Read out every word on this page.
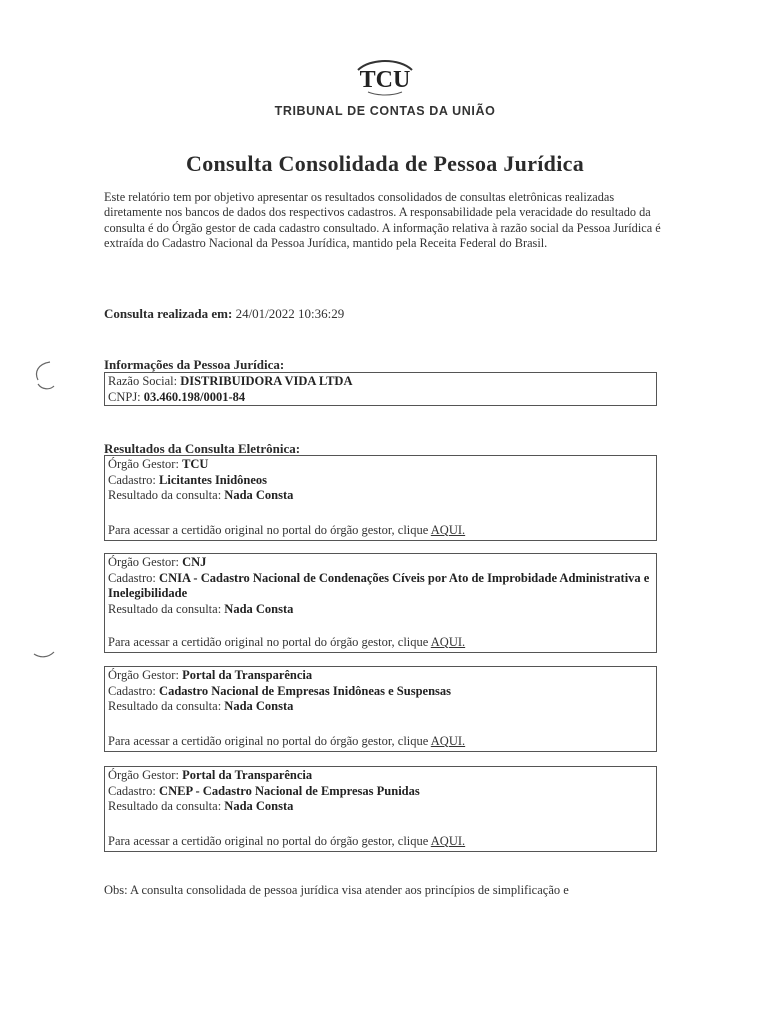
TCU
TRIBUNAL DE CONTAS DA UNIÃO
Consulta Consolidada de Pessoa Jurídica

Este relatório tem por objetivo apresentar os resultados consolidados de consultas eletrônicas realizadas diretamente nos bancos de dados dos respectivos cadastros. A responsabilidade pela veracidade do resultado da consulta é do Órgão gestor de cada cadastro consultado. A informação relativa à razão social da Pessoa Jurídica é extraída do Cadastro Nacional da Pessoa Jurídica, mantido pela Receita Federal do Brasil.

Consulta realizada em: 24/01/2022 10:36:29
Informações da Pessoa Jurídica:
Razão Social: DISTRIBUIDORA VIDA LTDA
CNPJ: 03.460.198/0001-84
Resultados da Consulta Eletrônica:
Órgão Gestor: TCU
Cadastro: Licitantes Inidôneos
Resultado da consulta: Nada Consta
Para acessar a certidão original no portal do órgão gestor, clique AQUI.
Órgão Gestor: CNJ
Cadastro: CNIA - Cadastro Nacional de Condenações Cíveis por Ato de Improbidade Administrativa e Inelegibilidade
Resultado da consulta: Nada Consta
Para acessar a certidão original no portal do órgão gestor, clique AQUI.
Órgão Gestor: Portal da Transparência
Cadastro: Cadastro Nacional de Empresas Inidôneas e Suspensas
Resultado da consulta: Nada Consta
Para acessar a certidão original no portal do órgão gestor, clique AQUI.
Órgão Gestor: Portal da Transparência
Cadastro: CNEP - Cadastro Nacional de Empresas Punidas
Resultado da consulta: Nada Consta
Para acessar a certidão original no portal do órgão gestor, clique AQUI.
Obs: A consulta consolidada de pessoa jurídica visa atender aos princípios de simplificação e
